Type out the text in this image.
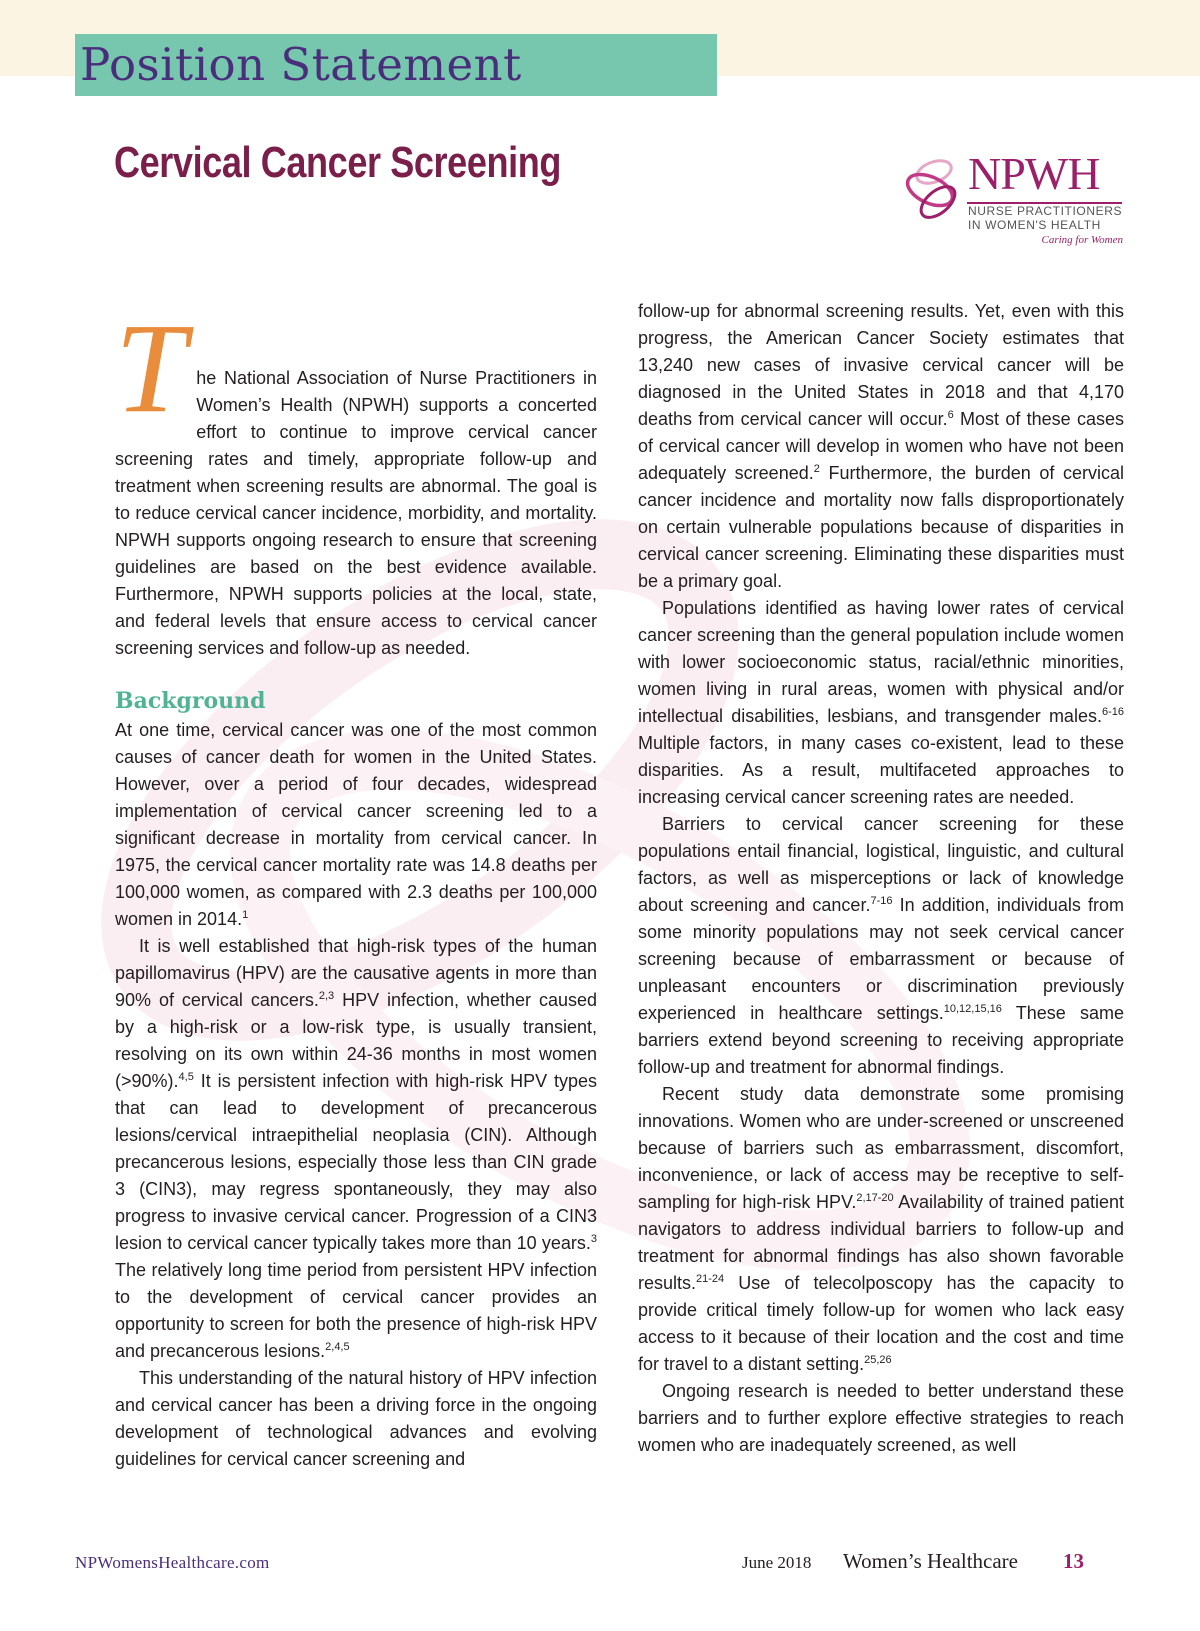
Position Statement
Cervical Cancer Screening	NPWH
NURSE PRACTITIONERS
IN WOMEN'S HEALTH
Caring for Women

The National Association of Nurse Practitioners in Women’s Health (NPWH) supports a concerted effort to continue to improve cervical cancer screening rates and timely, appropriate follow-up and treatment when screening results are abnormal. The goal is to reduce cervical cancer incidence, morbidity, and mortality. NPWH supports ongoing research to ensure that screening guidelines are based on the best evidence available. Furthermore, NPWH supports policies at the local, state, and federal levels that ensure access to cervical cancer screening services and follow-up as needed.

Background

At one time, cervical cancer was one of the most common causes of cancer death for women in the United States. However, over a period of four decades, widespread implementation of cervical cancer screening led to a significant decrease in mortality from cervical cancer. In 1975, the cervical cancer mortality rate was 14.8 deaths per 100,000 women, as compared with 2.3 deaths per 100,000 women in 2014.$^1$

It is well established that high-risk types of the human papillomavirus (HPV) are the causative agents in more than 90% of cervical cancers.$^{2,3}$ HPV infection, whether caused by a high-risk or a low-risk type, is usually transient, resolving on its own within 24-36 months in most women (>90%).$^{4,5}$ It is persistent infection with high-risk HPV types that can lead to development of precancerous lesions/cervical intraepithelial neoplasia (CIN). Although precancerous lesions, especially those less than CIN grade 3 (CIN3), may regress spontaneously, they may also progress to invasive cervical cancer. Progression of a CIN3 lesion to cervical cancer typically takes more than 10 years.$^3$ The relatively long time period from persistent HPV infection to the development of cervical cancer provides an opportunity to screen for both the presence of high-risk HPV and precancerous lesions.$^{2,4,5}$

This understanding of the natural history of HPV infection and cervical cancer has been a driving force in the ongoing development of technological advances and evolving guidelines for cervical cancer screening and

follow-up for abnormal screening results. Yet, even with this progress, the American Cancer Society estimates that 13,240 new cases of invasive cervical cancer will be diagnosed in the United States in 2018 and that 4,170 deaths from cervical cancer will occur.$^6$ Most of these cases of cervical cancer will develop in women who have not been adequately screened.$^2$ Furthermore, the burden of cervical cancer incidence and mortality now falls disproportionately on certain vulnerable populations because of disparities in cervical cancer screening. Eliminating these disparities must be a primary goal.

Populations identified as having lower rates of cervical cancer screening than the general population include women with lower socioeconomic status, racial/ethnic minorities, women living in rural areas, women with physical and/or intellectual disabilities, lesbians, and transgender males.$^{6-16}$ Multiple factors, in many cases co-existent, lead to these disparities. As a result, multifaceted approaches to increasing cervical cancer screening rates are needed.

Barriers to cervical cancer screening for these populations entail financial, logistical, linguistic, and cultural factors, as well as misperceptions or lack of knowledge about screening and cancer.$^{7-16}$ In addition, individuals from some minority populations may not seek cervical cancer screening because of embarrassment or because of unpleasant encounters or discrimination previously experienced in healthcare settings.$^{10,12,15,16}$ These same barriers extend beyond screening to receiving appropriate follow-up and treatment for abnormal findings.

Recent study data demonstrate some promising innovations. Women who are under-screened or unscreened because of barriers such as embarrassment, discomfort, inconvenience, or lack of access may be receptive to self-sampling for high-risk HPV.$^{2,17-20}$ Availability of trained patient navigators to address individual barriers to follow-up and treatment for abnormal findings has also shown favorable results.$^{21-24}$ Use of telecolposcopy has the capacity to provide critical timely follow-up for women who lack easy access to it because of their location and the cost and time for travel to a distant setting.$^{25,26}$

Ongoing research is needed to better understand these barriers and to further explore effective strategies to reach women who are inadequately screened, as well

NPWomensHealthcare.com	June 2018 Women’s Healthcare 13
